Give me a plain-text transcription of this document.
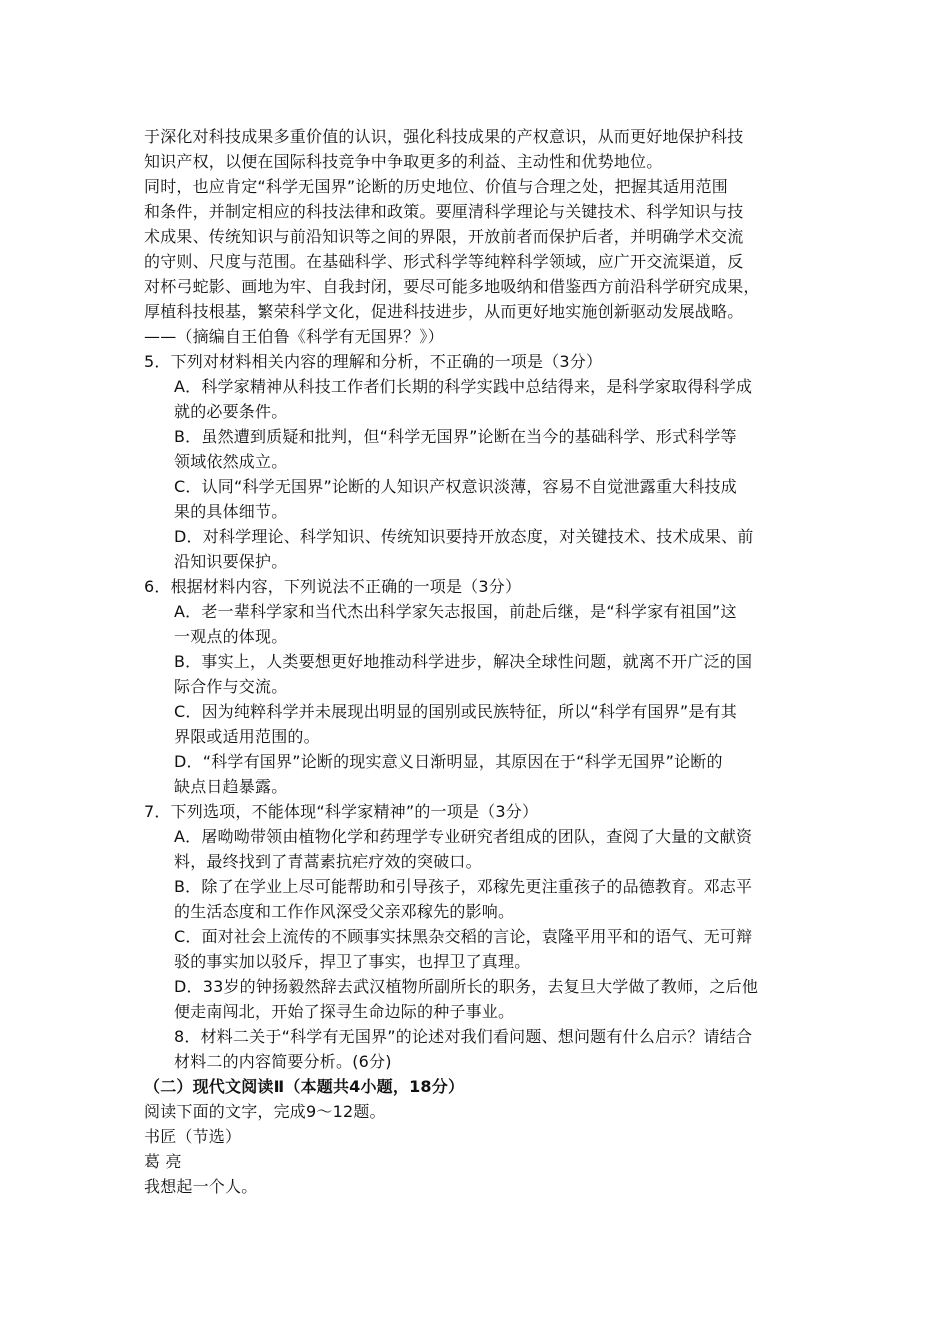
于深化对科技成果多重价值的认识，强化科技成果的产权意识，从而更好地保护科技
知识产权，以便在国际科技竞争中争取更多的利益、主动性和优势地位。
同时，也应肯定“科学无国界”论断的历史地位、价值与合理之处，把握其适用范围
和条件，并制定相应的科技法律和政策。要厘清科学理论与关键技术、科学知识与技
术成果、传统知识与前沿知识等之间的界限，开放前者而保护后者，并明确学术交流
的守则、尺度与范围。在基础科学、形式科学等纯粹科学领域，应广开交流渠道，反
对杯弓蛇影、画地为牢、自我封闭，要尽可能多地吸纳和借鉴西方前沿科学研究成果，
厚植科技根基，繁荣科学文化，促进科技进步，从而更好地实施创新驱动发展战略。
——（摘编自王伯鲁《科学有无国界？》）
5．下列对材料相关内容的理解和分析，不正确的一项是（3分）
A．科学家精神从科技工作者们长期的科学实践中总结得来，是科学家取得科学成
就的必要条件。
B．虽然遭到质疑和批判，但“科学无国界”论断在当今的基础科学、形式科学等
领域依然成立。
C．认同“科学无国界”论断的人知识产权意识淡薄，容易不自觉泄露重大科技成
果的具体细节。
D．对科学理论、科学知识、传统知识要持开放态度，对关键技术、技术成果、前
沿知识要保护。
6．根据材料内容，下列说法不正确的一项是（3分）
A．老一辈科学家和当代杰出科学家矢志报国，前赴后继，是“科学家有祖国”这
一观点的体现。
B．事实上，人类要想更好地推动科学进步，解决全球性问题，就离不开广泛的国
际合作与交流。
C．因为纯粹科学并未展现出明显的国别或民族特征，所以“科学有国界”是有其
界限或适用范围的。
D．“科学有国界”论断的现实意义日渐明显，其原因在于“科学无国界”论断的
缺点日趋暴露。
7．下列选项，不能体现“科学家精神”的一项是（3分）
A．屠呦呦带领由植物化学和药理学专业研究者组成的团队，查阅了大量的文献资
料，最终找到了青蒿素抗疟疗效的突破口。
B．除了在学业上尽可能帮助和引导孩子，邓稼先更注重孩子的品德教育。邓志平
的生活态度和工作作风深受父亲邓稼先的影响。
C．面对社会上流传的不顾事实抹黑杂交稻的言论，袁隆平用平和的语气、无可辩
驳的事实加以驳斥，捍卫了事实，也捍卫了真理。
D．33岁的钟扬毅然辞去武汉植物所副所长的职务，去复旦大学做了教师，之后他
便走南闯北，开始了探寻生命边际的种子事业。
8．材料二关于“科学有无国界”的论述对我们看问题、想问题有什么启示？请结合
材料二的内容简要分析。(6分)
（二）现代文阅读Ⅱ（本题共4小题，18分）
阅读下面的文字，完成9～12题。
书匠（节选）
葛 亮
我想起一个人。
